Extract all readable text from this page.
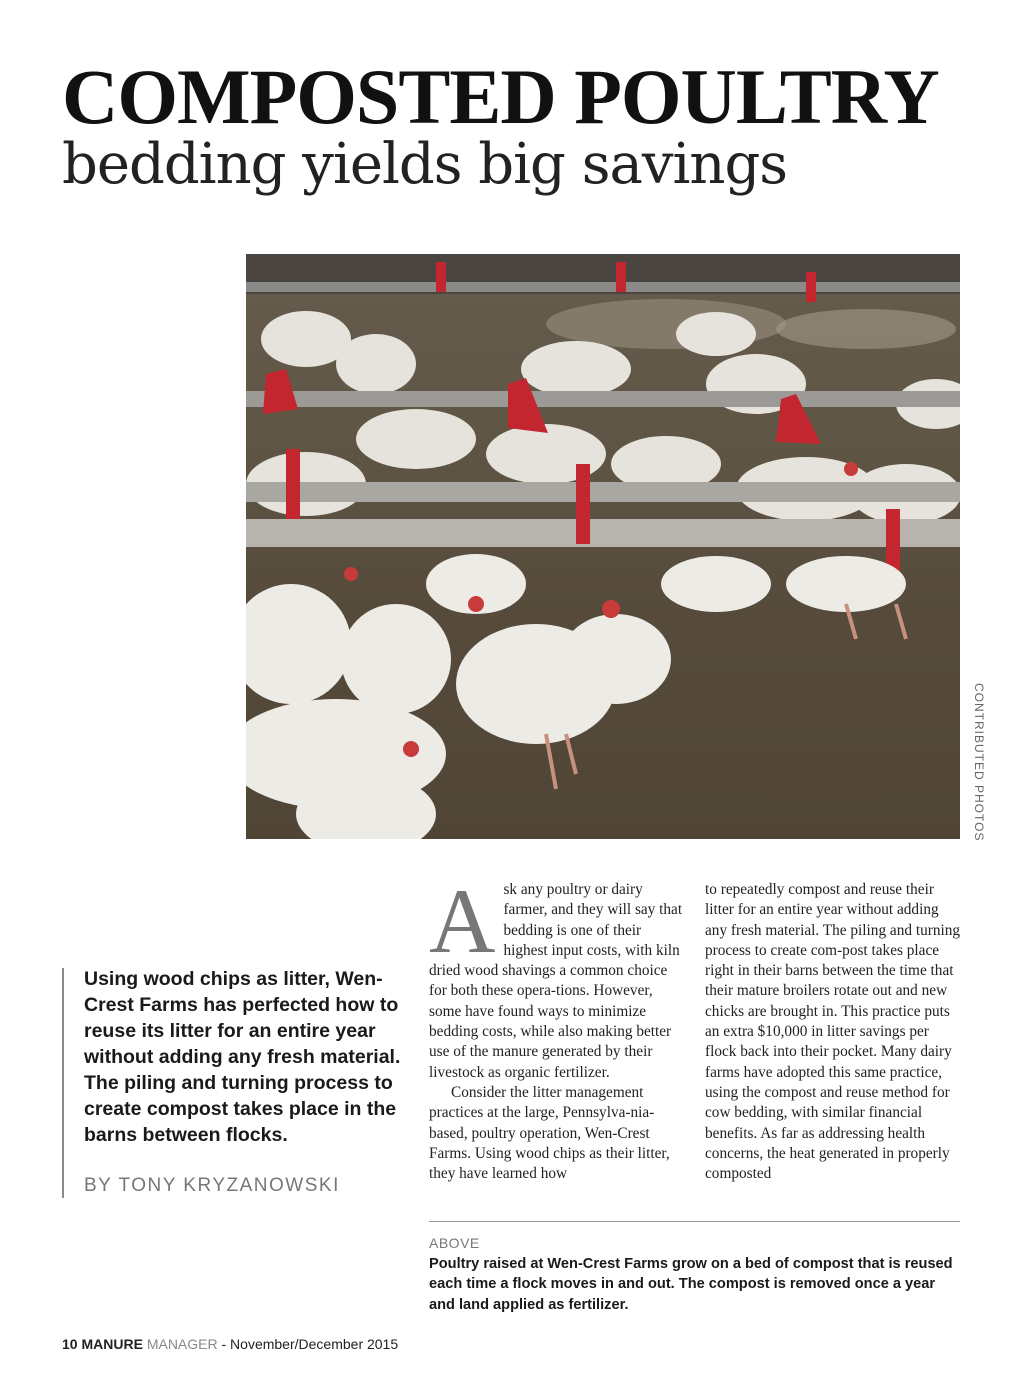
COMPOSTED POULTRY
bedding yields big savings
CONTRIBUTED PHOTOS

Using wood chips as litter, Wen-Crest Farms has perfected how to reuse its litter for an entire year without adding any fresh material. The piling and turning process to create compost takes place in the barns between flocks.

BY TONY KRYZANOWSKI

Ask any poultry or dairy farmer, and they will say that bedding is one of their highest input costs, with kiln dried wood shavings a common choice for both these opera-tions. However, some have found ways to minimize bedding costs, while also making better use of the manure generated by their livestock as organic fertilizer.

Consider the litter management practices at the large, Pennsylva-nia-based, poultry operation, Wen-Crest Farms. Using wood chips as their litter, they have learned how

to repeatedly compost and reuse their litter for an entire year without adding any fresh material. The piling and turning process to create com-post takes place right in their barns between the time that their mature broilers rotate out and new chicks are brought in. This practice puts an extra $10,000 in litter savings per flock back into their pocket. Many dairy farms have adopted this same practice, using the compost and reuse method for cow bedding, with similar financial benefits. As far as addressing health concerns, the heat generated in properly composted

ABOVE

Poultry raised at Wen-Crest Farms grow on a bed of compost that is reused each time a flock moves in and out. The compost is removed once a year and land applied as fertilizer.

10 MANURE MANAGER - November/December 2015
